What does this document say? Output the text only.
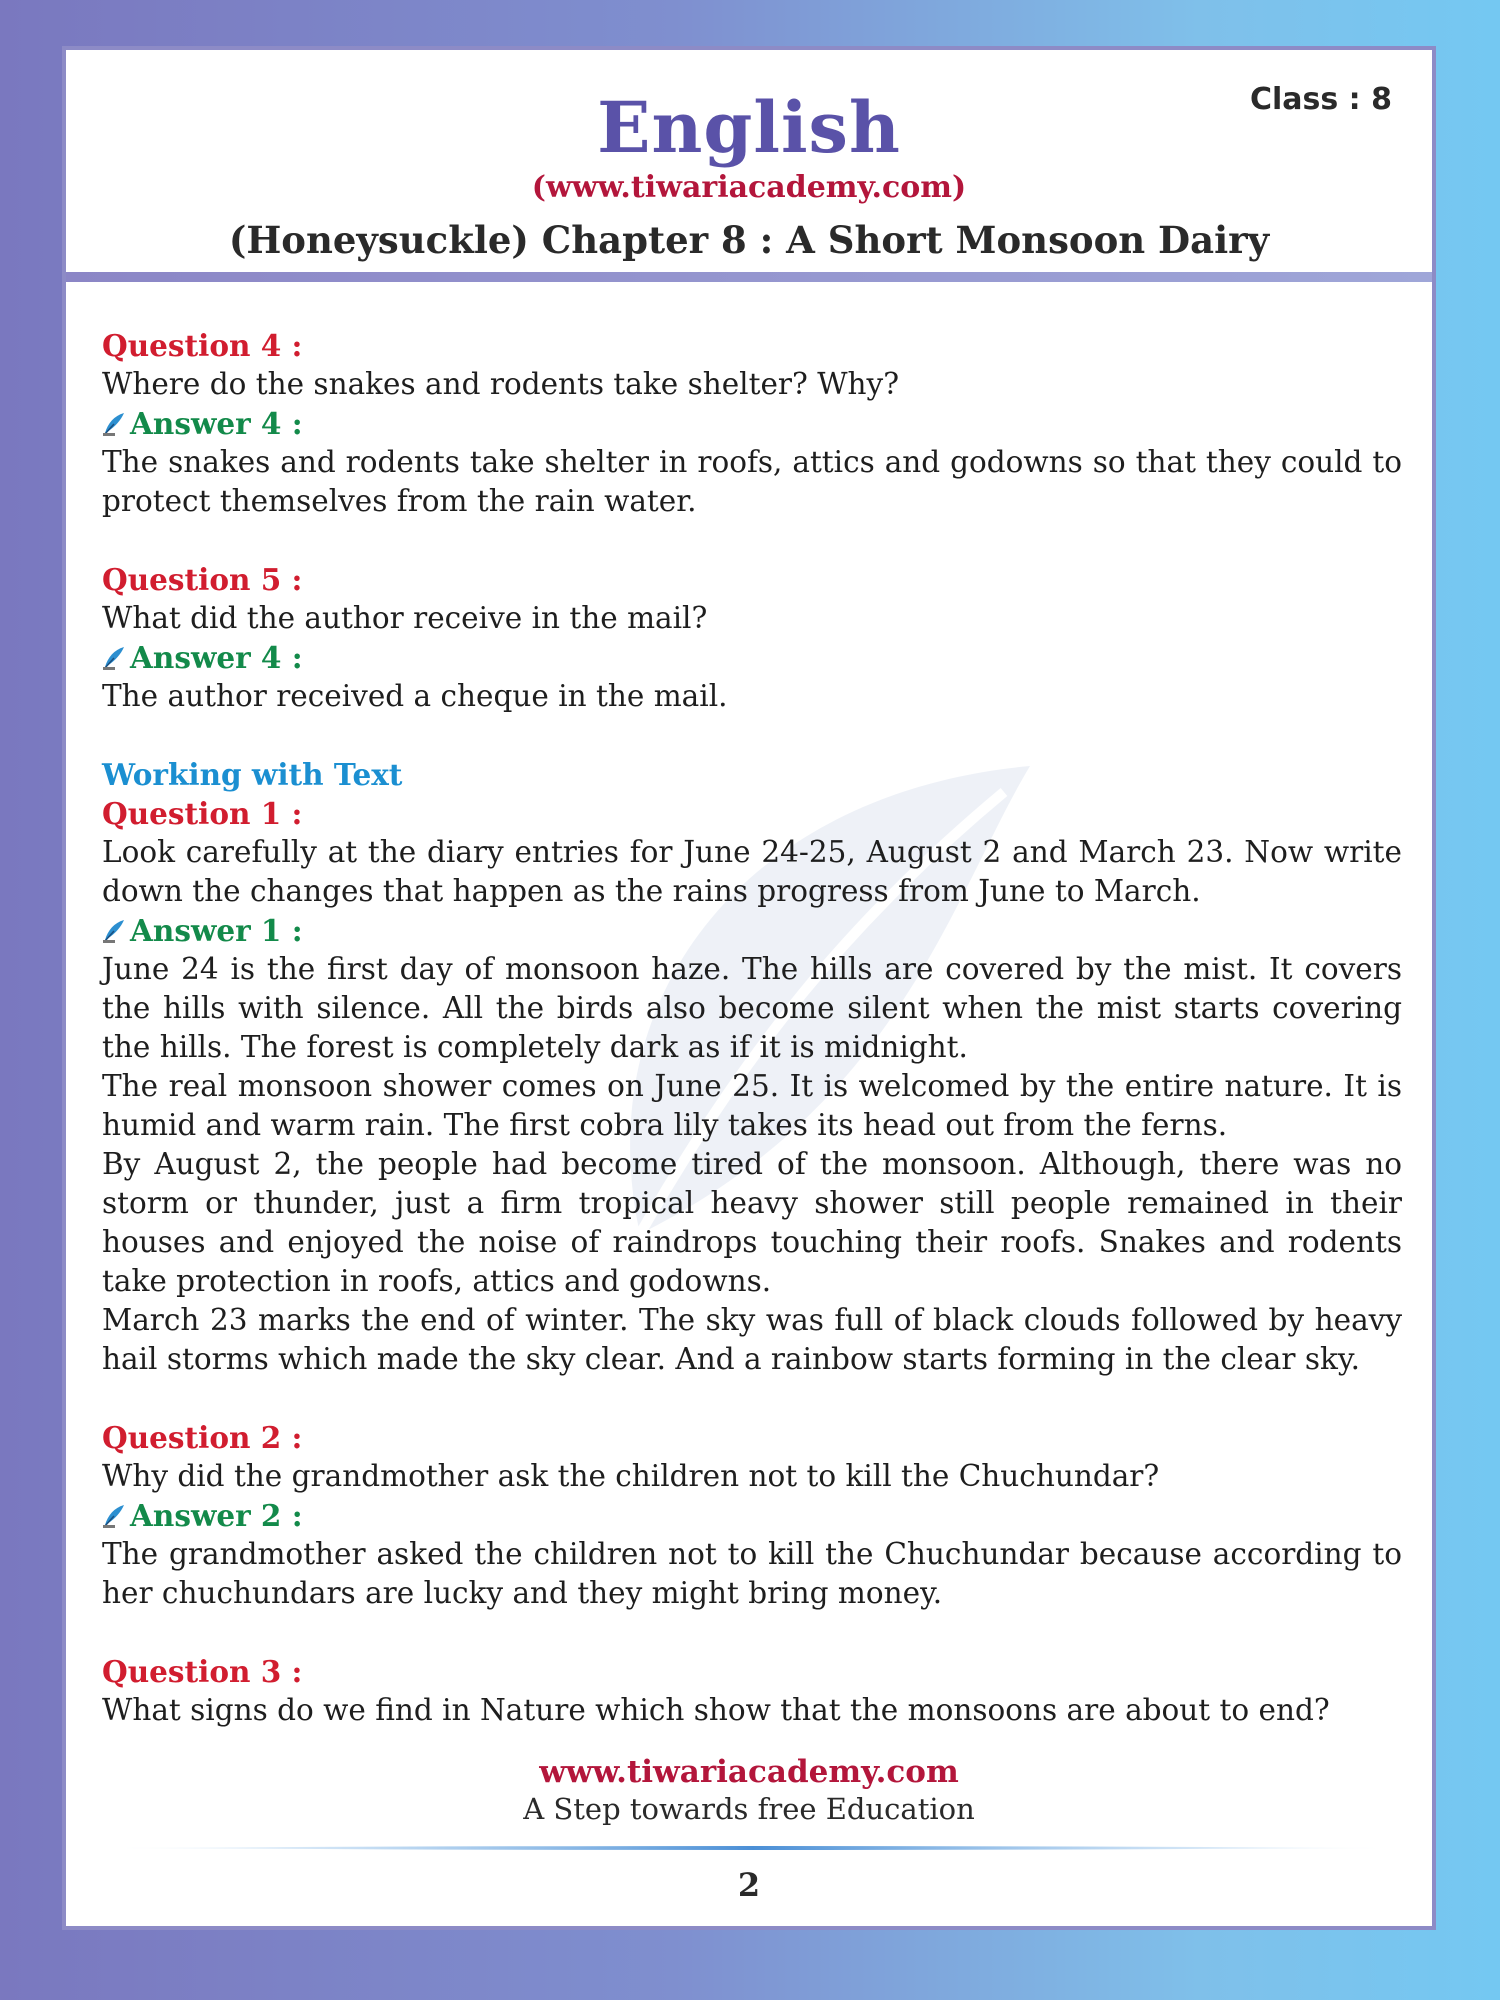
English
(www.tiwariacademy.com)
(Honeysuckle) Chapter 8 : A Short Monsoon Dairy
Class : 8
Question 4 :
Where do the snakes and rodents take shelter? Why?
Answer 4 :
The snakes and rodents take shelter in roofs, attics and godowns so that they could to protect themselves from the rain water.
Question 5 :
What did the author receive in the mail?
Answer 4 :
The author received a cheque in the mail.
Working with Text
Question 1 :
Look carefully at the diary entries for June 24-25, August 2 and March 23. Now write down the changes that happen as the rains progress from June to March.
Answer 1 :
June 24 is the first day of monsoon haze. The hills are covered by the mist. It covers the hills with silence. All the birds also become silent when the mist starts covering the hills. The forest is completely dark as if it is midnight.
The real monsoon shower comes on June 25. It is welcomed by the entire nature. It is humid and warm rain. The first cobra lily takes its head out from the ferns.
By August 2, the people had become tired of the monsoon. Although, there was no storm or thunder, just a firm tropical heavy shower still people remained in their houses and enjoyed the noise of raindrops touching their roofs. Snakes and rodents take protection in roofs, attics and godowns.
March 23 marks the end of winter. The sky was full of black clouds followed by heavy hail storms which made the sky clear. And a rainbow starts forming in the clear sky.
Question 2 :
Why did the grandmother ask the children not to kill the Chuchundar?
Answer 2 :
The grandmother asked the children not to kill the Chuchundar because according to her chuchundars are lucky and they might bring money.
Question 3 :
What signs do we find in Nature which show that the monsoons are about to end?
www.tiwariacademy.com
A Step towards free Education
2
